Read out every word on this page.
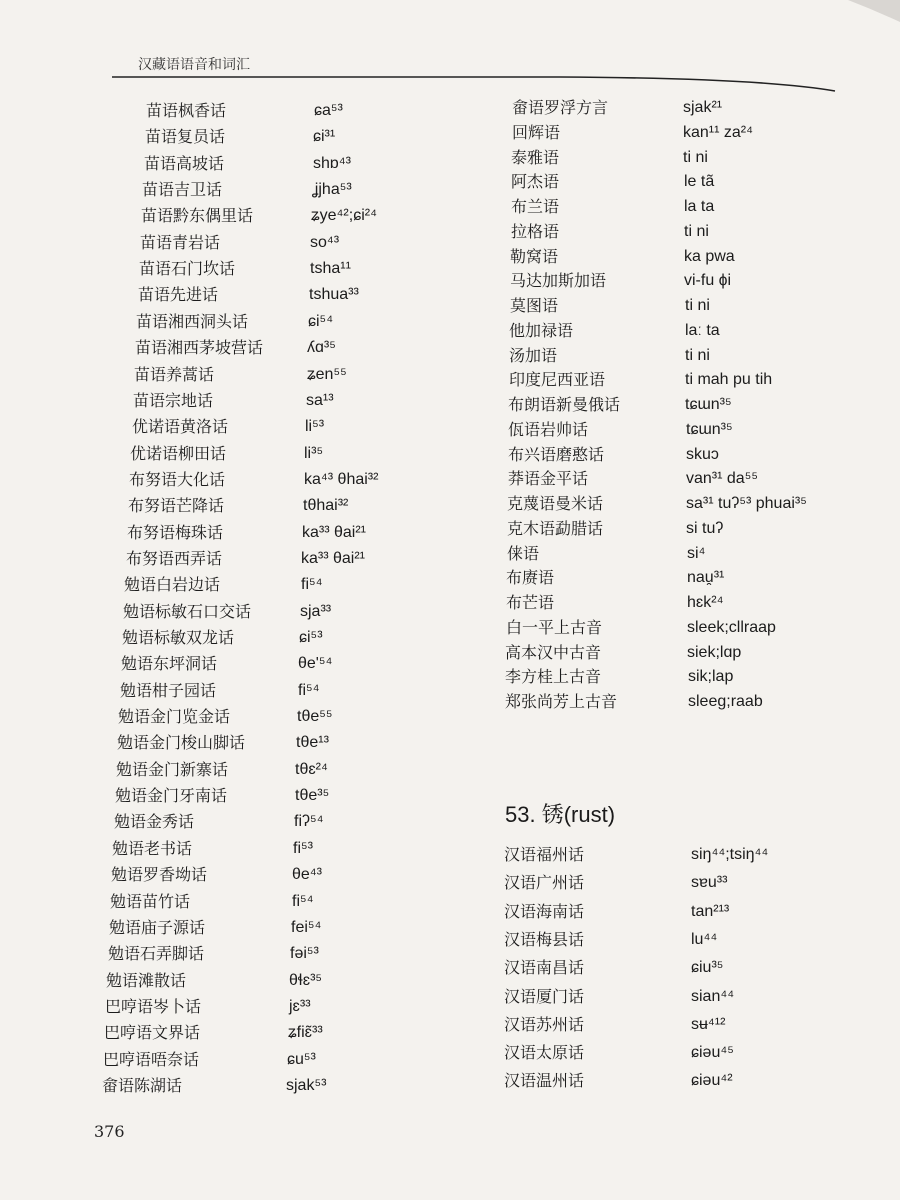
汉藏语语音和词汇
苗语枫香话	ɕa⁵³
苗语复员话	ɕi³¹
苗语高坡话	shɒ⁴³
苗语吉卫话	ʝjha⁵³
苗语黔东偶里话	ʑye⁴²;ɕi²⁴
苗语青岩话	so⁴³
苗语石门坎话	tsha¹¹
苗语先进话	tshua³³
苗语湘西洞头话	ɕi⁵⁴
苗语湘西茅坡营话	ʎɑ³⁵
苗语养蒿话	ʑen⁵⁵
苗语宗地话	sa¹³
优诺语黄洛话	li⁵³
优诺语柳田话	li³⁵
布努语大化话	ka⁴³ θhai³²
布努语芒降话	tθhai³²
布努语梅珠话	ka³³ θai²¹
布努语西弄话	ka³³ θai²¹
勉语白岩边话	fi⁵⁴
勉语标敏石口交话	sja³³
勉语标敏双龙话	ɕi⁵³
勉语东坪洞话	θe'⁵⁴
勉语柑子园话	fi⁵⁴
勉语金门览金话	tθe⁵⁵
勉语金门梭山脚话	tθe¹³
勉语金门新寨话	tθɛ²⁴
勉语金门牙南话	tθe³⁵
勉语金秀话	fiʔ⁵⁴
勉语老书话	fi⁵³
勉语罗香坳话	θe⁴³
勉语苗竹话	fi⁵⁴
勉语庙子源话	fei⁵⁴
勉语石弄脚话	fəi⁵³
勉语滩散话	θɬɛ³⁵
巴哼语岑卜话	jɛ³³
巴哼语文界话	ʑfiɛ̃³³
巴哼语唔奈话	ɕu⁵³
畲语陈湖话	sjak⁵³
畲语罗浮方言	sjak²¹
回辉语	kan¹¹ za²⁴
泰雅语	ti ni
阿杰语	le tã
布兰语	la ta
拉格语	ti ni
勒窝语	ka pwa
马达加斯加语	vi-fu ɸi
莫图语	ti ni
他加禄语	laː ta
汤加语	ti ni
印度尼西亚语	ti mah pu tih
布朗语新曼俄话	tɕɯn³⁵
佤语岩帅话	tɕɯn³⁵
布兴语磨憨话	skuɔ
莽语金平话	van³¹ da⁵⁵
克蔑语曼米话	sa³¹ tuʔ⁵³ phuai³⁵
克木语勐腊话	si tuʔ
俫语	si⁴
布赓语	nau̯³¹
布芒语	hɛk²⁴
白一平上古音	sleek;cllraap
高本汉中古音	siek;lɑp
李方桂上古音	sik;lap
郑张尚芳上古音	sleeg;raab
53. 锈(rust)
汉语福州话	siŋ⁴⁴;tsiŋ⁴⁴
汉语广州话	sɐu³³
汉语海南话	tan²¹³
汉语梅县话	lu⁴⁴
汉语南昌话	ɕiu³⁵
汉语厦门话	sian⁴⁴
汉语苏州话	sʉ⁴¹²
汉语太原话	ɕiəu⁴⁵
汉语温州话	ɕiəu⁴²
376
